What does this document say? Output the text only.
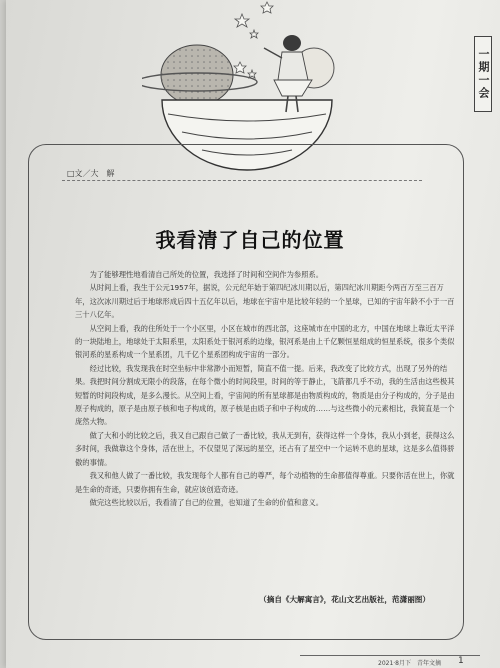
一期一会
□文／大　解
我看清了自己的位置

为了能够理性地看清自己所处的位置，我选择了时间和空间作为参照系。

从时间上看，我生于公元1957年，据说，公元纪年始于第四纪冰川期以后，第四纪冰川期距今两百万至三百万年，这次冰川期过后于地球形成后四十五亿年以后，地球在宇宙中是比较年轻的一个星球，已知的宇宙年龄不小于一百三十八亿年。

从空间上看，我的住所处于一个小区里，小区在城市的西北部，这座城市在中国的北方，中国在地球上靠近太平洋的一块陆地上，地球处于太阳系里，太阳系处于银河系的边缘，银河系是由上千亿颗恒星组成的恒星系统，很多个类似银河系的星系构成一个星系团，几千亿个星系团构成宇宙的一部分。

经过比较，我发现我在时空坐标中非常渺小而短暂，简直不值一提。后来，我改变了比较方式，出现了另外的结果。我把时间分割成无限小的段落，在每个微小的时间段里，时间的等于静止，飞箭都几乎不动，我的生活由这些极其短暂的时间段构成，是多么漫长。从空间上看，宇宙间的所有星球都是由物质构成的，物质是由分子构成的，分子是由原子构成的，原子是由原子核和电子构成的，原子核是由质子和中子构成的……与这些微小的元素相比，我简直是一个庞然大物。

做了大和小的比较之后，我又自己跟自己做了一番比较，我从无到有，获得这样一个身体，我从小到老，获得这么多时间，我做靠这个身体，活在世上，不仅望见了深远的星空，还占有了星空中一个运转不息的星球，这是多么值得骄傲的事情。

我又和他人做了一番比较，我发现每个人都有自己的尊严，每个动植物的生命都值得尊重。只要你活在世上，你就是生命的奇迹，只要你拥有生命，就应该创造奇迹。

做完这些比较以后，我看清了自己的位置，也知道了生命的价值和意义。

（摘自《大解寓言》，花山文艺出版社，范潇丽图）
2021·8月下　青年文摘 1
